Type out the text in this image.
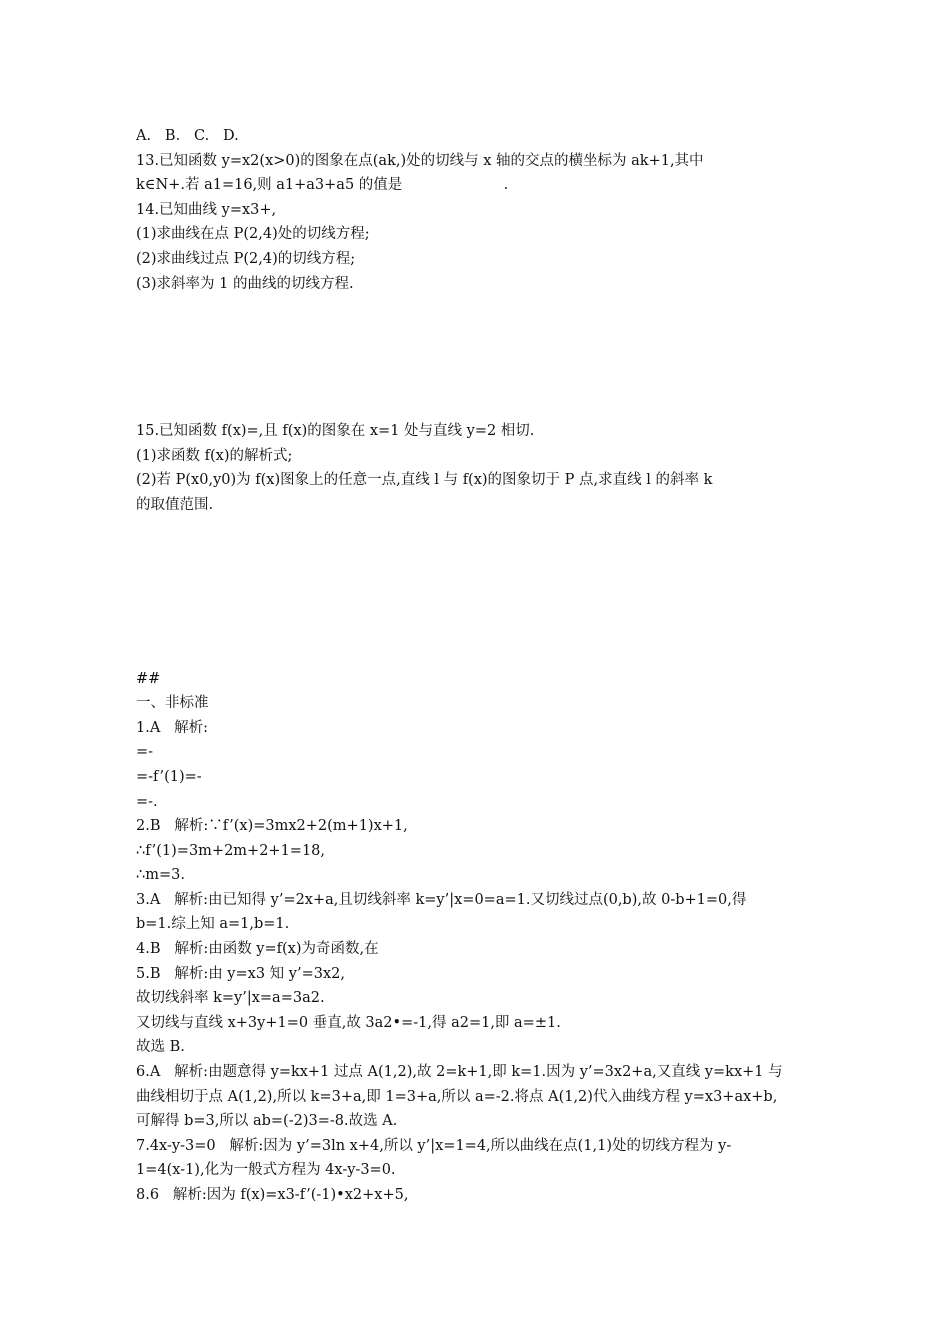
A.   B.   C.   D.
13.已知函数 y=x2(x>0)的图象在点(ak,)处的切线与 x 轴的交点的横坐标为 ak+1,其中
k∈N+.若 a1=16,则 a1+a3+a5 的值是                      .
14.已知曲线 y=x3+,
(1)求曲线在点 P(2,4)处的切线方程;
(2)求曲线过点 P(2,4)的切线方程;
(3)求斜率为 1 的曲线的切线方程.
15.已知函数 f(x)=,且 f(x)的图象在 x=1 处与直线 y=2 相切.
(1)求函数 f(x)的解析式;
(2)若 P(x0,y0)为 f(x)图象上的任意一点,直线 l 与 f(x)的图象切于 P 点,求直线 l 的斜率 k
的取值范围.
##
一、非标准
1.A   解析:
=-
=-f’(1)=-
=-.
2.B   解析:∵f’(x)=3mx2+2(m+1)x+1,
∴f’(1)=3m+2m+2+1=18,
∴m=3.
3.A   解析:由已知得 y’=2x+a,且切线斜率 k=y’|x=0=a=1.又切线过点(0,b),故 0-b+1=0,得
b=1.综上知 a=1,b=1.
4.B   解析:由函数 y=f(x)为奇函数,在
5.B   解析:由 y=x3 知 y’=3x2,
故切线斜率 k=y’|x=a=3a2.
又切线与直线 x+3y+1=0 垂直,故 3a2•=-1,得 a2=1,即 a=±1.
故选 B.
6.A   解析:由题意得 y=kx+1 过点 A(1,2),故 2=k+1,即 k=1.因为 y’=3x2+a,又直线 y=kx+1 与
曲线相切于点 A(1,2),所以 k=3+a,即 1=3+a,所以 a=-2.将点 A(1,2)代入曲线方程 y=x3+ax+b,
可解得 b=3,所以 ab=(-2)3=-8.故选 A.
7.4x-y-3=0   解析:因为 y’=3ln x+4,所以 y’|x=1=4,所以曲线在点(1,1)处的切线方程为 y-
1=4(x-1),化为一般式方程为 4x-y-3=0.
8.6   解析:因为 f(x)=x3-f’(-1)•x2+x+5,
